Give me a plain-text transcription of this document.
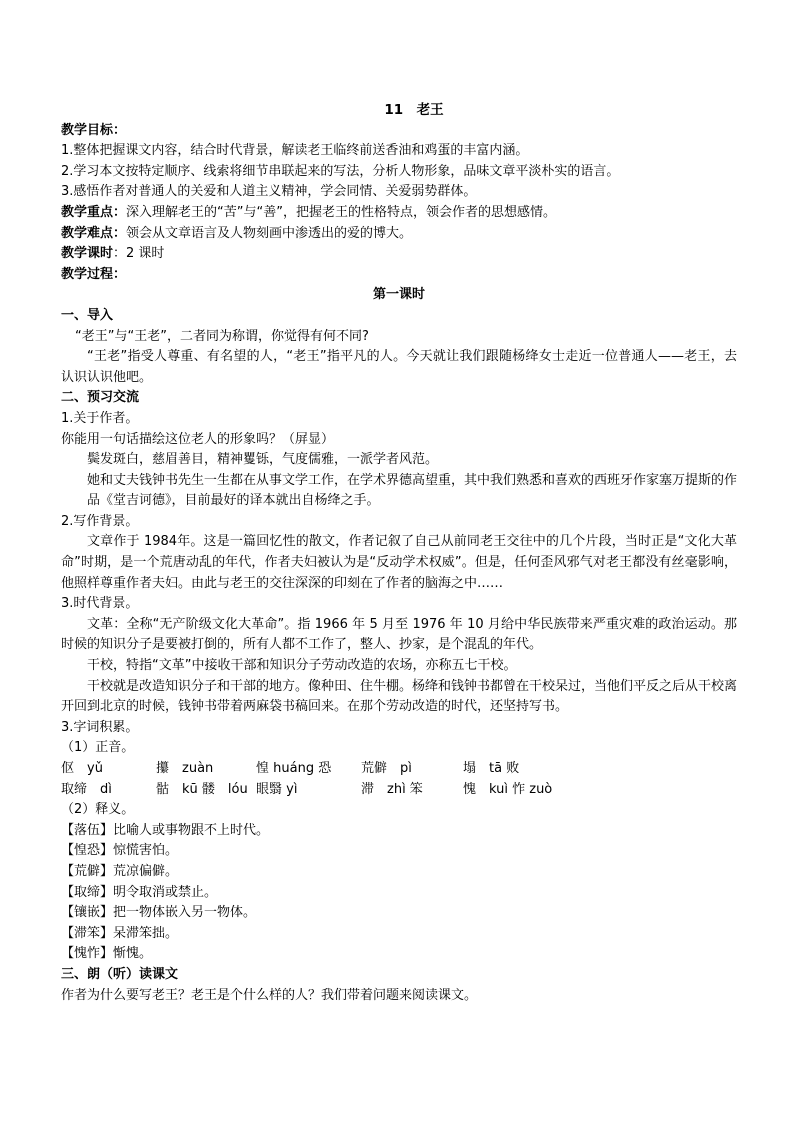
11　老王
教学目标：
1.整体把握课文内容，结合时代背景，解读老王临终前送香油和鸡蛋的丰富内涵。
2.学习本文按特定顺序、线索将细节串联起来的写法，分析人物形象，品味文章平淡朴实的语言。
3.感悟作者对普通人的关爱和人道主义精神，学会同情、关爱弱势群体。
教学重点：深入理解老王的“苦”与“善”，把握老王的性格特点，领会作者的思想感情。
教学难点：领会从文章语言及人物刻画中渗透出的爱的博大。
教学课时：2 课时
教学过程：
第一课时
一、导入
“老王”与“王老”，二者同为称谓，你觉得有何不同?
“王老”指受人尊重、有名望的人，“老王”指平凡的人。今天就让我们跟随杨绛女士走近一位普通人——老王，去认识认识他吧。
二、预习交流
1.关于作者。
你能用一句话描绘这位老人的形象吗？（屏显）
鬓发斑白，慈眉善目，精神矍铄，气度儒雅，一派学者风范。
她和丈夫钱钟书先生一生都在从事文学工作，在学术界德高望重，其中我们熟悉和喜欢的西班牙作家塞万提斯的作品《堂吉诃德》，目前最好的译本就出自杨绛之手。
2.写作背景。
文章作于 1984年。这是一篇回忆性的散文，作者记叙了自己从前同老王交往中的几个片段，当时正是“文化大革命”时期，是一个荒唐动乱的年代，作者夫妇被认为是“反动学术权威”。但是，任何歪风邪气对老王都没有丝毫影响，他照样尊重作者夫妇。由此与老王的交往深深的印刻在了作者的脑海之中……
3.时代背景。
文革：全称“无产阶级文化大革命”。指 1966 年 5 月至 1976 年 10 月给中华民族带来严重灾难的政治运动。那时候的知识分子是要被打倒的，所有人都不工作了，整人、抄家，是个混乱的年代。
干校，特指“文革”中接收干部和知识分子劳动改造的农场，亦称五七干校。
干校就是改造知识分子和干部的地方。像种田、住牛棚。杨绛和钱钟书都曾在干校呆过，当他们平反之后从干校离开回到北京的时候，钱钟书带着两麻袋书稿回来。在那个劳动改造的时代，还坚持写书。
3.字词积累。
（1）正音。
伛　yǔ	攥　zuàn	惶 huáng 恐	荒僻　pì	塌　tā 败
取缔　dì	骷　kū 髅　lóu 眼翳 yì	滞　zhì 笨	愧　kuì 怍 zuò
（2）释义。
【落伍】比喻人或事物跟不上时代。
【惶恐】惊慌害怕。
【荒僻】荒凉偏僻。
【取缔】明令取消或禁止。
【镶嵌】把一物体嵌入另一物体。
【滞笨】呆滞笨拙。
【愧怍】惭愧。
三、朗（听）读课文
作者为什么要写老王？老王是个什么样的人？我们带着问题来阅读课文。
